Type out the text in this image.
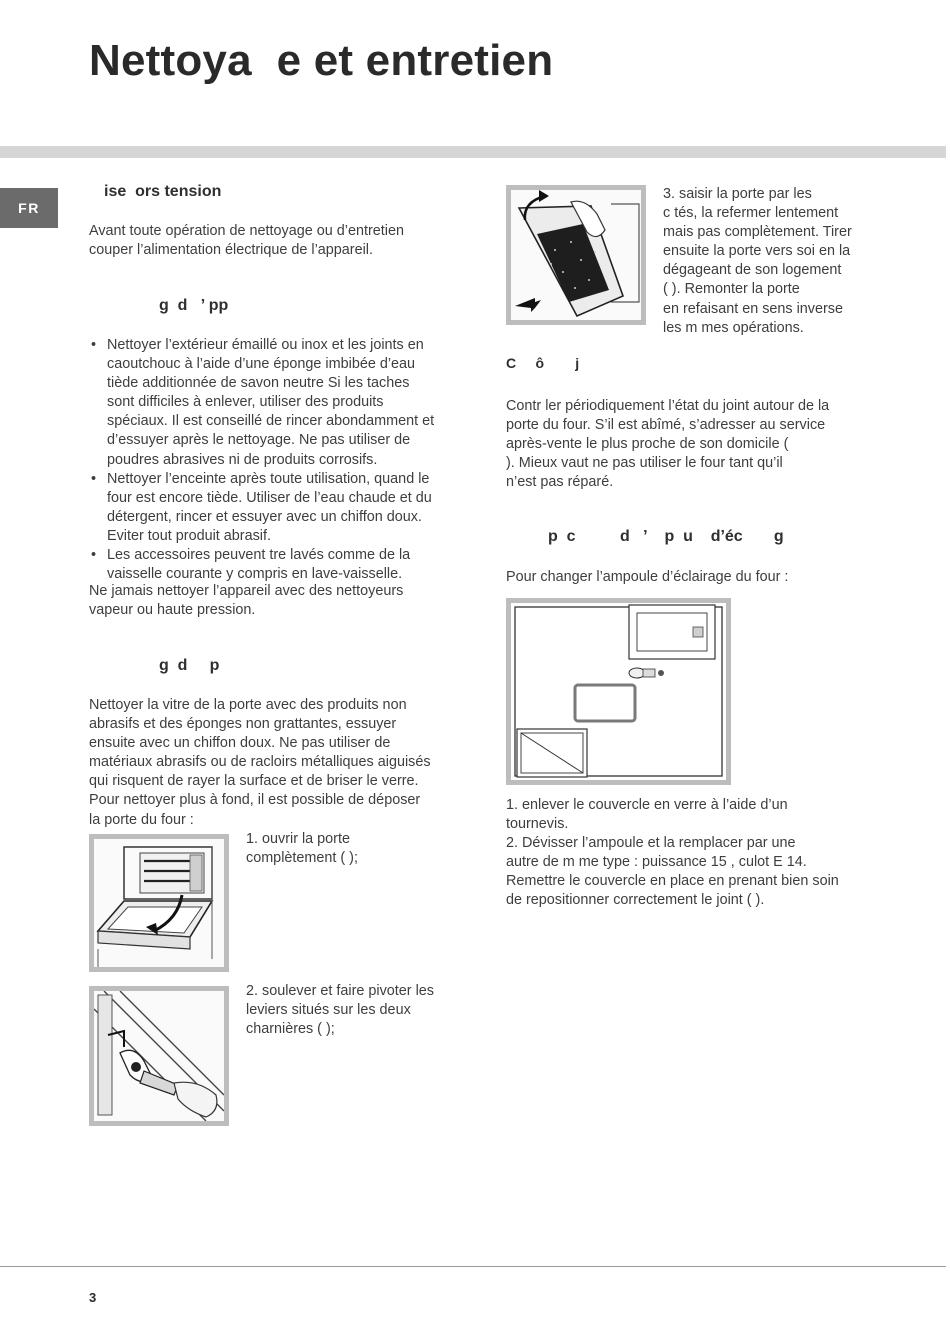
Nettoya  e et entretien
FR
ise  ors tension

Avant toute opération de nettoyage ou d’entretien
couper l’alimentation électrique de l’appareil.

g  d   ’ pp
• Nettoyer l’extérieur émaillé ou inox et les joints en
caoutchouc à l’aide d’une éponge imbibée d’eau
tiède additionnée de savon neutre Si les taches
sont difficiles à enlever, utiliser des produits
spéciaux. Il est conseillé de rincer abondamment et
d’essuyer après le nettoyage. Ne pas utiliser de
poudres abrasives ni de produits corrosifs.
• Nettoyer l’enceinte après toute utilisation, quand le
four est encore tiède. Utiliser de l’eau chaude et du
détergent, rincer et essuyer avec un chiffon doux.
Eviter tout produit abrasif.
• Les accessoires peuvent tre lavés comme de la
vaisselle courante y compris en lave-vaisselle.

Ne jamais nettoyer l’appareil avec des nettoyeurs
vapeur ou haute pression.

g  d     p

Nettoyer la vitre de la porte avec des produits non
abrasifs et des éponges non grattantes, essuyer
ensuite avec un chiffon doux. Ne pas utiliser de
matériaux abrasifs ou de racloirs métalliques aiguisés
qui risquent de rayer la surface et de briser le verre.
Pour nettoyer plus à fond, il est possible de déposer
la porte du four :

1. ouvrir la porte
complètement ( );

2. soulever et faire pivoter les
leviers situés sur les deux
charnières ( );

3. saisir la porte par les
c tés, la refermer lentement
mais pas complètement. Tirer
ensuite la porte vers soi en la
dégageant de son logement
( ). Remonter la porte
en refaisant en sens inverse
les m mes opérations.

C     ô        j

Contr ler périodiquement l’état du joint autour de la
porte du four. S’il est abîmé, s’adresser au service
après-vente le plus proche de son domicile (
). Mieux vaut ne pas utiliser le four tant qu’il
n’est pas réparé.

p  c          d   ’    p  u    d’éc       g

Pour changer l’ampoule d’éclairage du four :

1. enlever le couvercle en verre à l’aide d’un
tournevis.
2. Dévisser l’ampoule et la remplacer par une
autre de m me type : puissance 15 , culot E 14.
Remettre le couvercle en place en prenant bien soin
de repositionner correctement le joint ( ).

3
